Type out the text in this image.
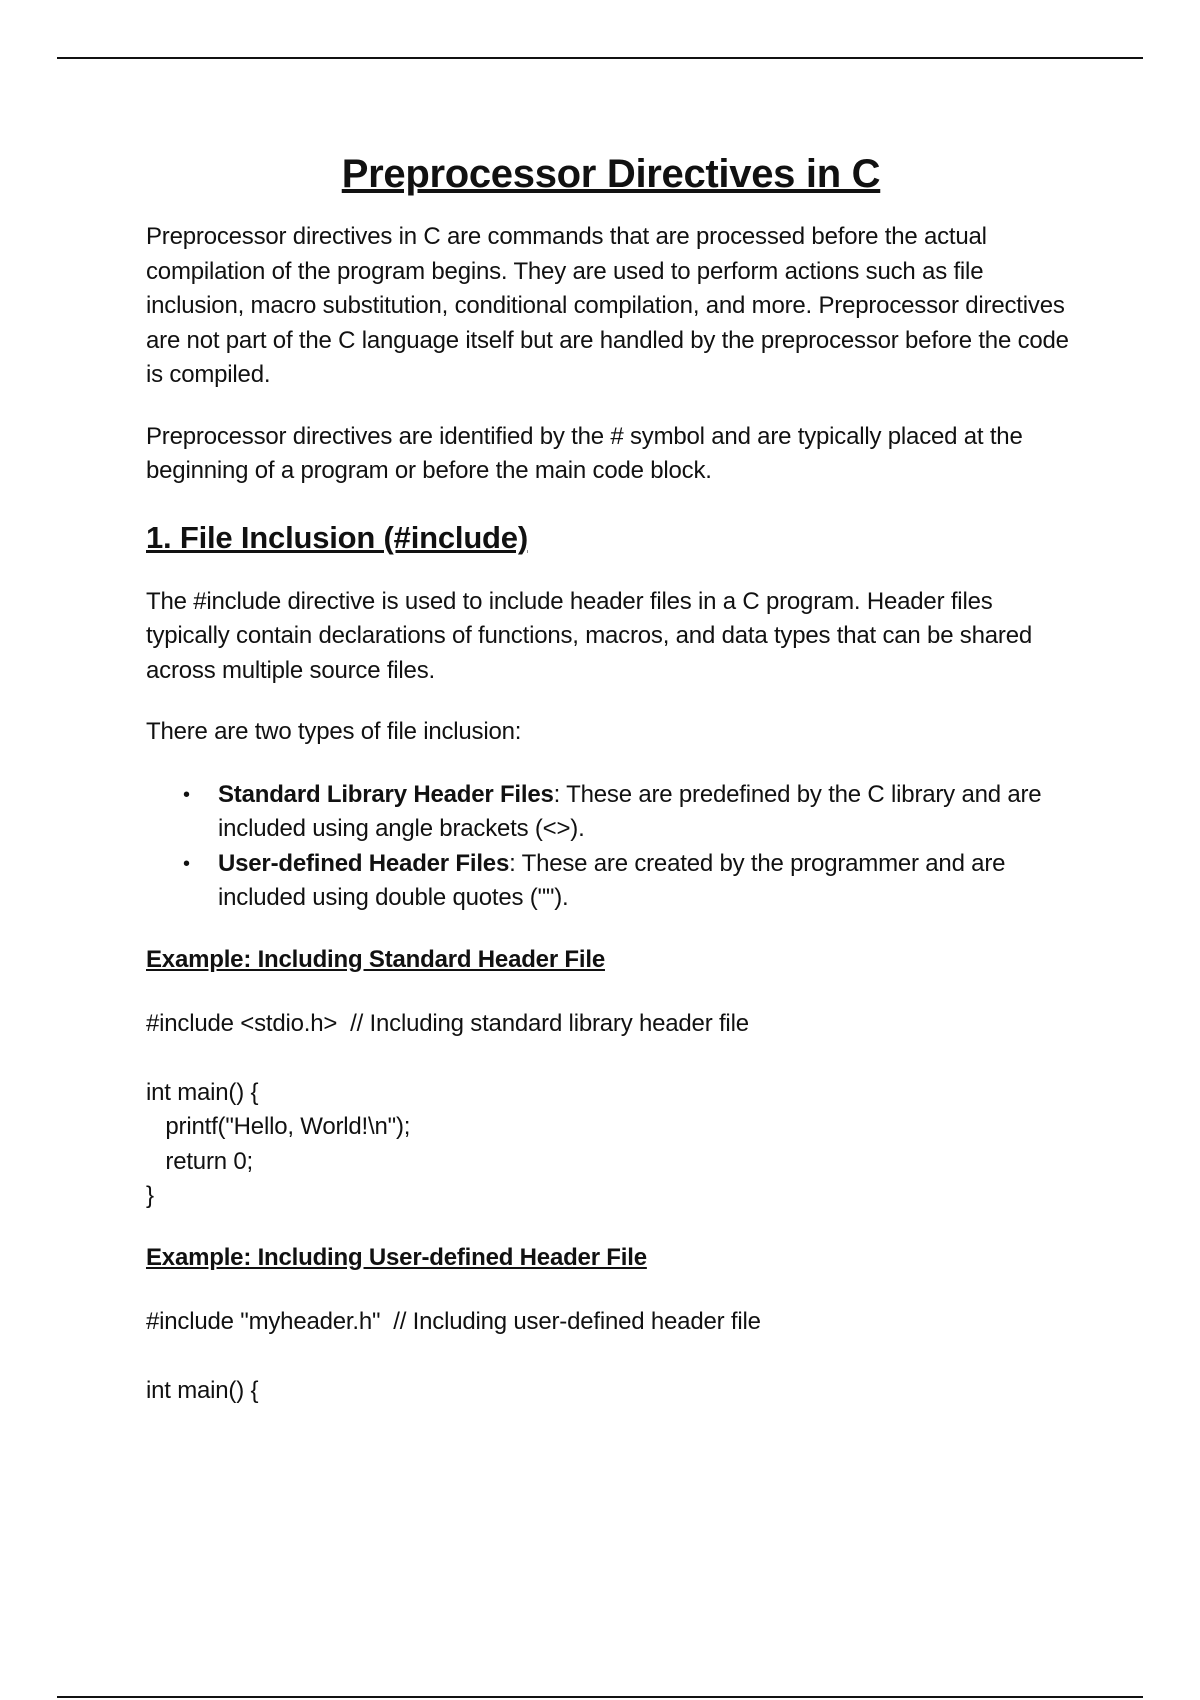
Preprocessor Directives in C

Preprocessor directives in C are commands that are processed before the actual compilation of the program begins. They are used to perform actions such as file inclusion, macro substitution, conditional compilation, and more. Preprocessor directives are not part of the C language itself but are handled by the preprocessor before the code is compiled.

Preprocessor directives are identified by the # symbol and are typically placed at the beginning of a program or before the main code block.

1. File Inclusion (#include)

The #include directive is used to include header files in a C program. Header files typically contain declarations of functions, macros, and data types that can be shared across multiple source files.

There are two types of file inclusion:

• Standard Library Header Files: These are predefined by the C library and are included using angle brackets (<>).
• User-defined Header Files: These are created by the programmer and are included using double quotes ("").
Example: Including Standard Header File
#include <stdio.h>  // Including standard library header file
int main() {
printf("Hello, World!\n");
return 0;
}
Example: Including User-defined Header File
#include "myheader.h"  // Including user-defined header file
int main() {
